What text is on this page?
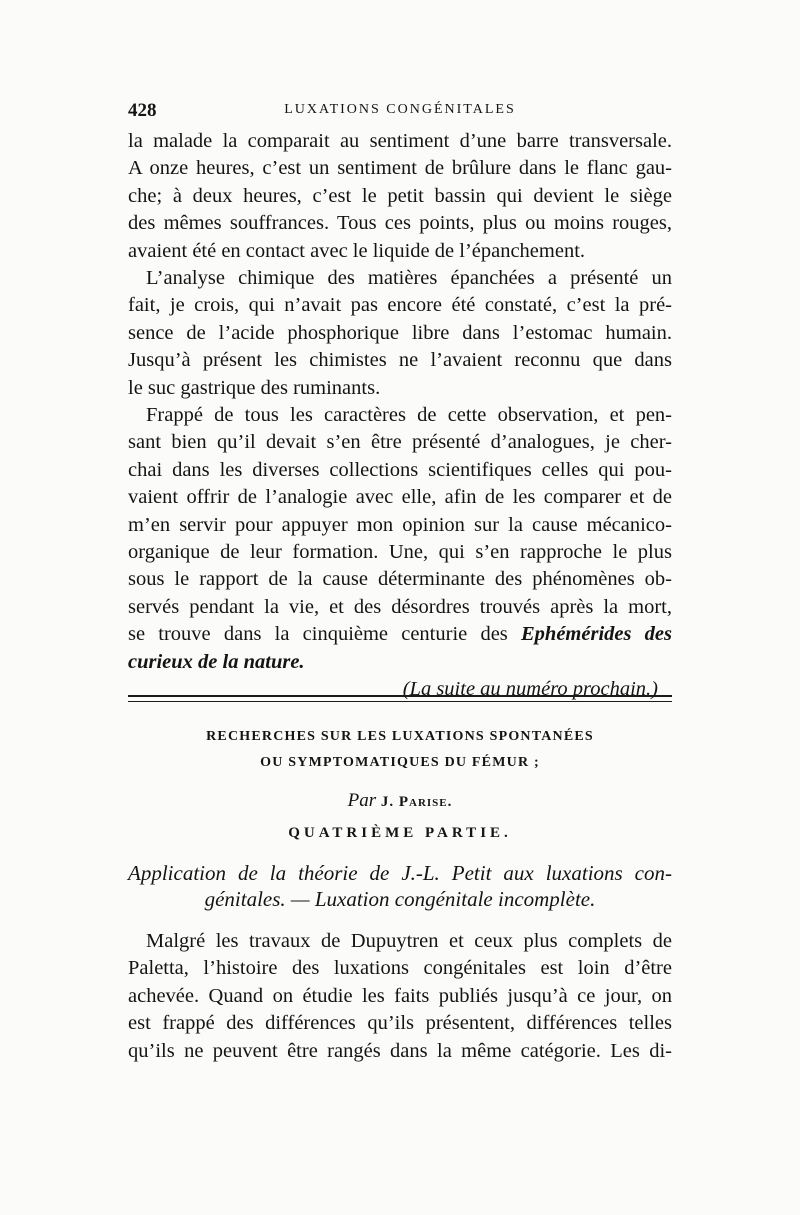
428	LUXATIONS CONGÉNITALES
la malade la comparait au sentiment d’une barre transversale.
A onze heures, c’est un sentiment de brûlure dans le flanc gau-
che; à deux heures, c’est le petit bassin qui devient le siège
des mêmes souffrances. Tous ces points, plus ou moins rouges,
avaient été en contact avec le liquide de l’épanchement.
L’analyse chimique des matières épanchées a présenté un
fait, je crois, qui n’avait pas encore été constaté, c’est la pré-
sence de l’acide phosphorique libre dans l’estomac humain.
Jusqu’à présent les chimistes ne l’avaient reconnu que dans
le suc gastrique des ruminants.
Frappé de tous les caractères de cette observation, et pen-
sant bien qu’il devait s’en être présenté d’analogues, je cher-
chai dans les diverses collections scientifiques celles qui pou-
vaient offrir de l’analogie avec elle, afin de les comparer et de
m’en servir pour appuyer mon opinion sur la cause mécanico-
organique de leur formation. Une, qui s’en rapproche le plus
sous le rapport de la cause déterminante des phénomènes ob-
servés pendant la vie, et des désordres trouvés après la mort,
se trouve dans la cinquième centurie des Ephémérides des
curieux de la nature.
(La suite au numéro prochain.)
RECHERCHES SUR LES LUXATIONS SPONTANÉES
OU SYMPTOMATIQUES DU FÉMUR ;
Par J. Parise.
QUATRIÈME PARTIE.
Application de la théorie de J.-L. Petit aux luxations con-
génitales. — Luxation congénitale incomplète.
Malgré les travaux de Dupuytren et ceux plus complets de
Paletta, l’histoire des luxations congénitales est loin d’être
achevée. Quand on étudie les faits publiés jusqu’à ce jour, on
est frappé des différences qu’ils présentent, différences telles
qu’ils ne peuvent être rangés dans la même catégorie. Les di-
